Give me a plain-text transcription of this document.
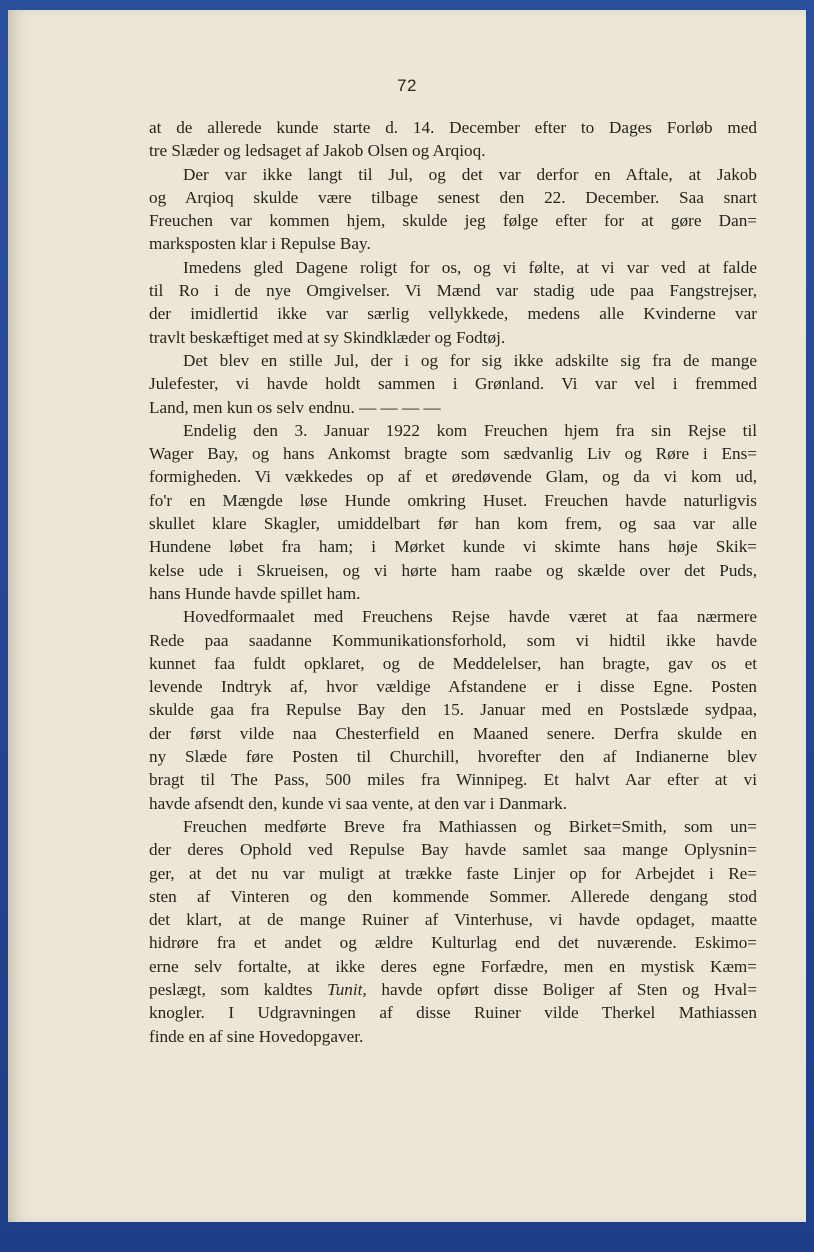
72
at de allerede kunde starte d. 14. December efter to Dages Forløb med
tre Slæder og ledsaget af Jakob Olsen og Arqioq.
Der var ikke langt til Jul, og det var derfor en Aftale, at Jakob
og Arqioq skulde være tilbage senest den 22. December. Saa snart
Freuchen var kommen hjem, skulde jeg følge efter for at gøre Dan=
marksposten klar i Repulse Bay.
Imedens gled Dagene roligt for os, og vi følte, at vi var ved at falde
til Ro i de nye Omgivelser. Vi Mænd var stadig ude paa Fangstrejser,
der imidlertid ikke var særlig vellykkede, medens alle Kvinderne var
travlt beskæftiget med at sy Skindklæder og Fodtøj.
Det blev en stille Jul, der i og for sig ikke adskilte sig fra de mange
Julefester, vi havde holdt sammen i Grønland. Vi var vel i fremmed
Land, men kun os selv endnu. — — — —
Endelig den 3. Januar 1922 kom Freuchen hjem fra sin Rejse til
Wager Bay, og hans Ankomst bragte som sædvanlig Liv og Røre i Ens=
formigheden. Vi vækkedes op af et øredøvende Glam, og da vi kom ud,
fo'r en Mængde løse Hunde omkring Huset. Freuchen havde naturligvis
skullet klare Skagler, umiddelbart før han kom frem, og saa var alle
Hundene løbet fra ham; i Mørket kunde vi skimte hans høje Skik=
kelse ude i Skrueisen, og vi hørte ham raabe og skælde over det Puds,
hans Hunde havde spillet ham.
Hovedformaalet med Freuchens Rejse havde været at faa nærmere
Rede paa saadanne Kommunikationsforhold, som vi hidtil ikke havde
kunnet faa fuldt opklaret, og de Meddelelser, han bragte, gav os et
levende Indtryk af, hvor vældige Afstandene er i disse Egne. Posten
skulde gaa fra Repulse Bay den 15. Januar med en Postslæde sydpaa,
der først vilde naa Chesterfield en Maaned senere. Derfra skulde en
ny Slæde føre Posten til Churchill, hvorefter den af Indianerne blev
bragt til The Pass, 500 miles fra Winnipeg. Et halvt Aar efter at vi
havde afsendt den, kunde vi saa vente, at den var i Danmark.
Freuchen medførte Breve fra Mathiassen og Birket=Smith, som un=
der deres Ophold ved Repulse Bay havde samlet saa mange Oplysnin=
ger, at det nu var muligt at trække faste Linjer op for Arbejdet i Re=
sten af Vinteren og den kommende Sommer. Allerede dengang stod
det klart, at de mange Ruiner af Vinterhuse, vi havde opdaget, maatte
hidrøre fra et andet og ældre Kulturlag end det nuværende. Eskimo=
erne selv fortalte, at ikke deres egne Forfædre, men en mystisk Kæm=
peslægt, som kaldtes Tunit, havde opført disse Boliger af Sten og Hval=
knogler. I Udgravningen af disse Ruiner vilde Therkel Mathiassen
finde en af sine Hovedopgaver.
